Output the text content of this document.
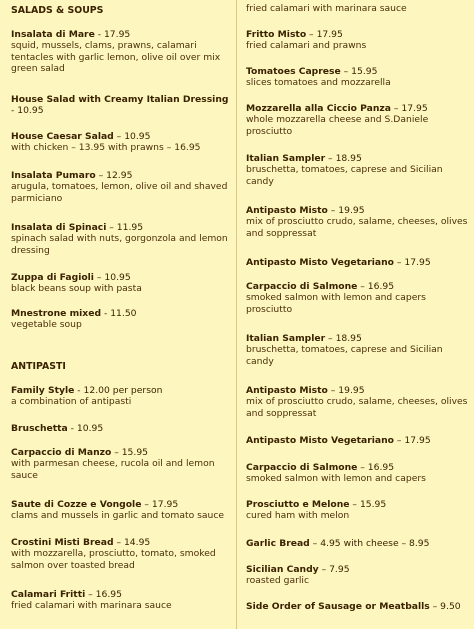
SALADS & SOUPS
Insalata di Mare - 17.95
squid, mussels, clams, prawns, calamari tentacles with garlic lemon, olive oil over mix green salad
House Salad with Creamy Italian Dressing - 10.95
House Caesar Salad – 10.95
with chicken – 13.95 with prawns – 16.95
Insalata Pumaro – 12.95
arugula, tomatoes, lemon, olive oil and shaved parmiciano
Insalata di Spinaci – 11.95
spinach salad with nuts, gorgonzola and lemon dressing
Zuppa di Fagioli – 10.95
black beans soup with pasta
Mnestrone mixed - 11.50
vegetable soup
ANTIPASTI
Family Style - 12.00 per person
a combination of antipasti
Bruschetta - 10.95
Carpaccio di Manzo – 15.95
with parmesan cheese, rucola oil and lemon sauce
Saute di Cozze e Vongole – 17.95
clams and mussels in garlic and tomato sauce
Crostini Misti Bread – 14.95
with mozzarella, prosciutto, tomato, smoked salmon over toasted bread
Calamari Fritti – 16.95
fried calamari with marinara sauce
fried calamari with marinara sauce
Fritto Misto – 17.95
fried calamari and prawns
Tomatoes Caprese – 15.95
slices tomatoes and mozzarella
Mozzarella alla Ciccio Panza – 17.95
whole mozzarella cheese and S.Daniele prosciutto
Italian Sampler – 18.95
bruschetta, tomatoes, caprese and Sicilian candy
Antipasto Misto – 19.95
mix of prosciutto crudo, salame, cheeses, olives and soppressat
Antipasto Misto Vegetariano – 17.95
Carpaccio di Salmone – 16.95
smoked salmon with lemon and capers prosciutto
Italian Sampler – 18.95
bruschetta, tomatoes, caprese and Sicilian candy
Antipasto Misto – 19.95
mix of prosciutto crudo, salame, cheeses, olives and soppressat
Antipasto Misto Vegetariano – 17.95
Carpaccio di Salmone – 16.95
smoked salmon with lemon and capers
Prosciutto e Melone – 15.95
cured ham with melon
Garlic Bread – 4.95 with cheese – 8.95
Sicilian Candy – 7.95
roasted garlic
Side Order of Sausage or Meatballs – 9.50
